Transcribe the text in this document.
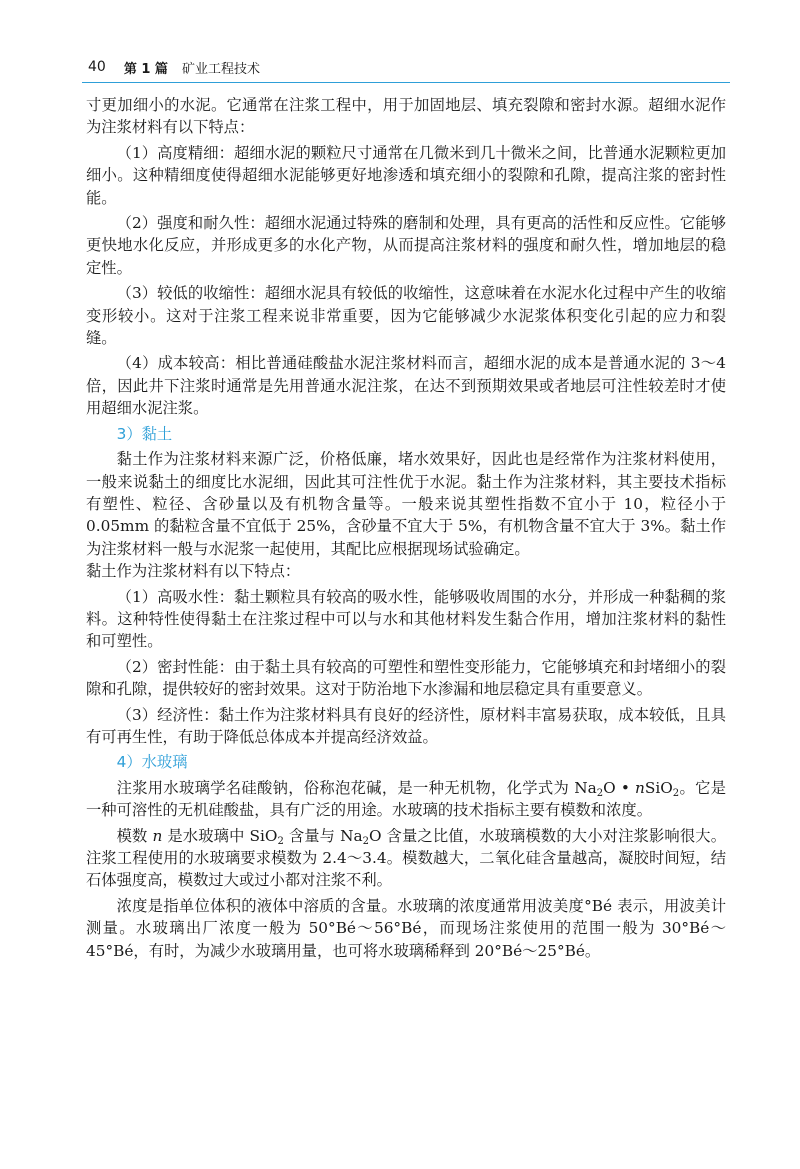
40 第 1 篇 矿业工程技术

寸更加细小的水泥。它通常在注浆工程中，用于加固地层、填充裂隙和密封水源。超细水泥作为注浆材料有以下特点：

（1）高度精细：超细水泥的颗粒尺寸通常在几微米到几十微米之间，比普通水泥颗粒更加细小。这种精细度使得超细水泥能够更好地渗透和填充细小的裂隙和孔隙，提高注浆的密封性能。

（2）强度和耐久性：超细水泥通过特殊的磨制和处理，具有更高的活性和反应性。它能够更快地水化反应，并形成更多的水化产物，从而提高注浆材料的强度和耐久性，增加地层的稳定性。

（3）较低的收缩性：超细水泥具有较低的收缩性，这意味着在水泥水化过程中产生的收缩变形较小。这对于注浆工程来说非常重要，因为它能够减少水泥浆体积变化引起的应力和裂缝。

（4）成本较高：相比普通硅酸盐水泥注浆材料而言，超细水泥的成本是普通水泥的 3～4 倍，因此井下注浆时通常是先用普通水泥注浆，在达不到预期效果或者地层可注性较差时才使用超细水泥注浆。

3）黏土

黏土作为注浆材料来源广泛，价格低廉，堵水效果好，因此也是经常作为注浆材料使用，一般来说黏土的细度比水泥细，因此其可注性优于水泥。黏土作为注浆材料，其主要技术指标有塑性、粒径、含砂量以及有机物含量等。一般来说其塑性指数不宜小于 10，粒径小于 0.05mm 的黏粒含量不宜低于 25%，含砂量不宜大于 5%，有机物含量不宜大于 3%。黏土作为注浆材料一般与水泥浆一起使用，其配比应根据现场试验确定。

黏土作为注浆材料有以下特点：

（1）高吸水性：黏土颗粒具有较高的吸水性，能够吸收周围的水分，并形成一种黏稠的浆料。这种特性使得黏土在注浆过程中可以与水和其他材料发生黏合作用，增加注浆材料的黏性和可塑性。

（2）密封性能：由于黏土具有较高的可塑性和塑性变形能力，它能够填充和封堵细小的裂隙和孔隙，提供较好的密封效果。这对于防治地下水渗漏和地层稳定具有重要意义。

（3）经济性：黏土作为注浆材料具有良好的经济性，原材料丰富易获取，成本较低，且具有可再生性，有助于降低总体成本并提高经济效益。

4）水玻璃

注浆用水玻璃学名硅酸钠，俗称泡花碱，是一种无机物，化学式为 $Na_2O$ • nSiO$_2$。它是一种可溶性的无机硅酸盐，具有广泛的用途。水玻璃的技术指标主要有模数和浓度。

模数 n 是水玻璃中 SiO$_2$ 含量与 $Na_2O$ 含量之比值，水玻璃模数的大小对注浆影响很大。注浆工程使用的水玻璃要求模数为 2.4～3.4。模数越大，二氧化硅含量越高，凝胶时间短，结石体强度高，模数过大或过小都对注浆不利。

浓度是指单位体积的液体中溶质的含量。水玻璃的浓度通常用波美度°Bé 表示，用波美计测量。水玻璃出厂浓度一般为 50°Bé～56°Bé，而现场注浆使用的范围一般为 30°Bé～45°Bé，有时，为减少水玻璃用量，也可将水玻璃稀释到 20°Bé～25°Bé。
